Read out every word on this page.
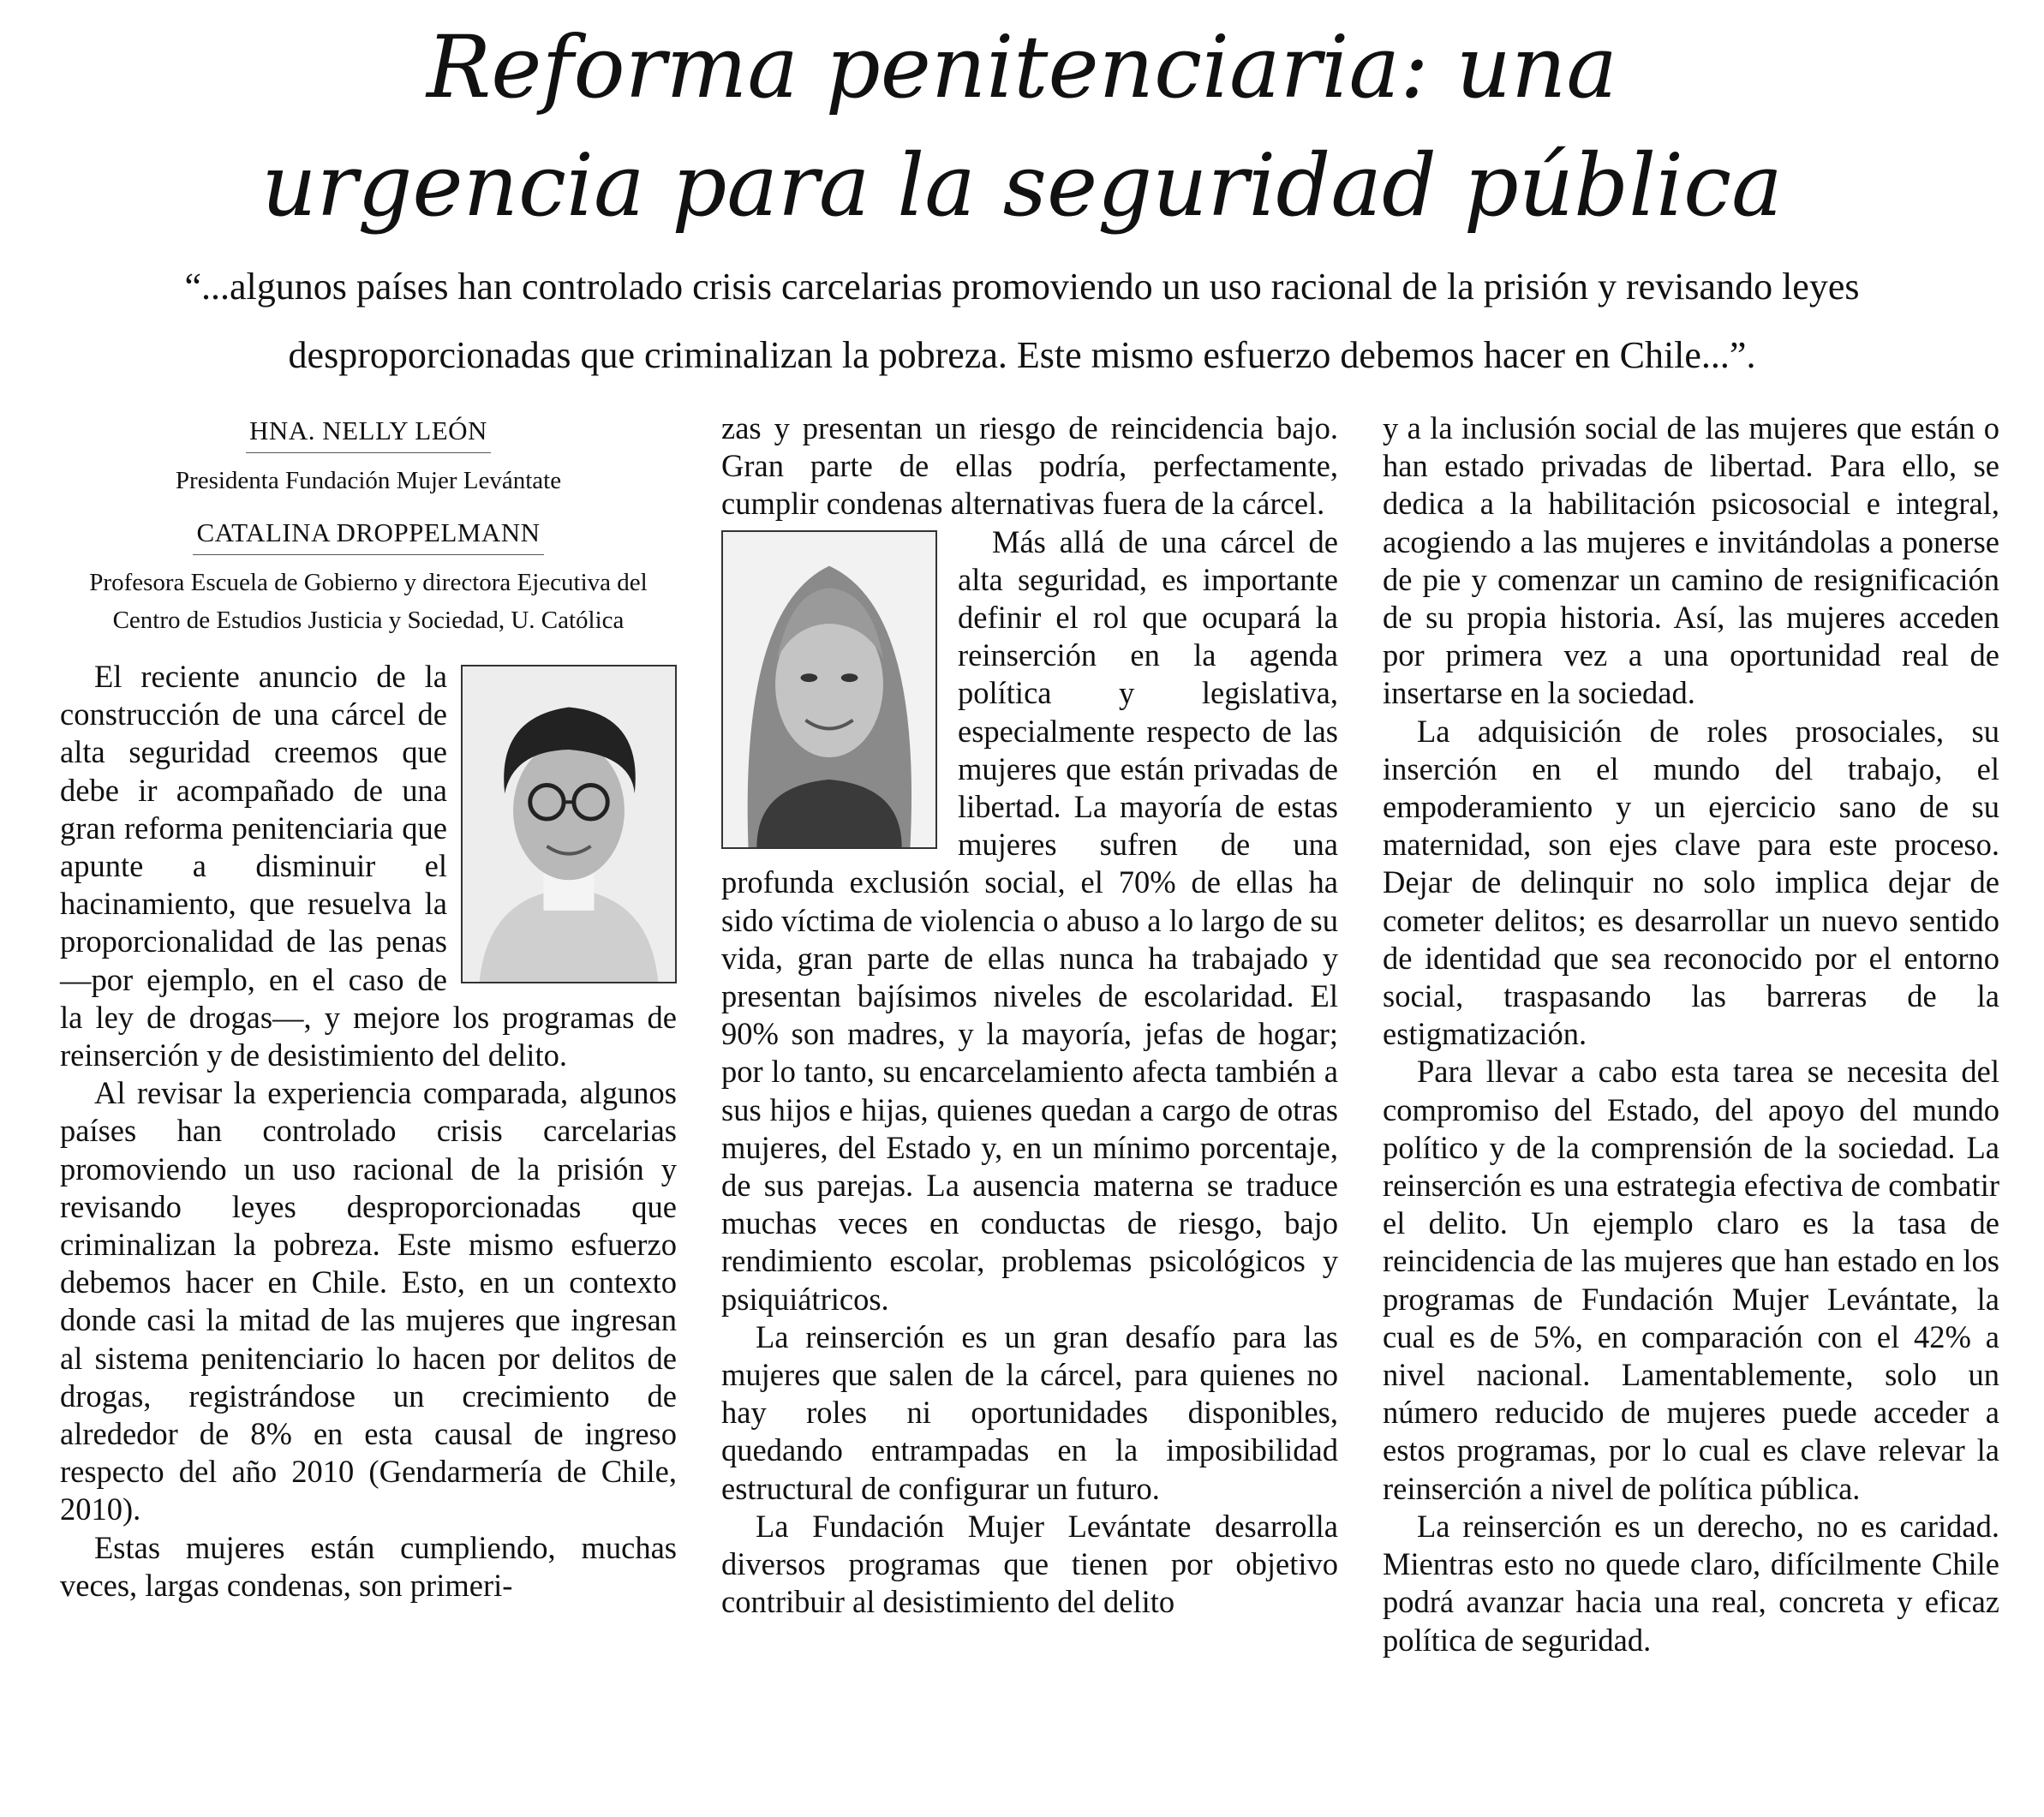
Reforma penitenciaria: una
urgencia para la seguridad pública
“...algunos países han controlado crisis carcelarias promoviendo un uso racional de la prisión y revisando leyes desproporcionadas que criminalizan la pobreza. Este mismo esfuerzo debemos hacer en Chile...”.
HNA. NELLY LEÓN
Presidenta Fundación Mujer Levántate
CATALINA DROPPELMANN
Profesora Escuela de Gobierno y directora Ejecutiva del Centro de Estudios Justicia y Sociedad, U. Católica

El reciente anuncio de la construcción de una cárcel de alta seguridad creemos que debe ir acompañado de una gran reforma penitenciaria que apunte a disminuir el hacinamiento, que resuelva la proporcionalidad de las penas —por ejemplo, en el caso de la ley de drogas—, y mejore los programas de reinserción y de desistimiento del delito.

Al revisar la experiencia comparada, algunos países han controlado crisis carcelarias promoviendo un uso racional de la prisión y revisando leyes desproporcionadas que criminalizan la pobreza. Este mismo esfuerzo debemos hacer en Chile. Esto, en un contexto donde casi la mitad de las mujeres que ingresan al sistema penitenciario lo hacen por delitos de drogas, registrándose un crecimiento de alrededor de 8% en esta causal de ingreso respecto del año 2010 (Gendarmería de Chile, 2010).

Estas mujeres están cumpliendo, muchas veces, largas condenas, son primeri-

zas y presentan un riesgo de reincidencia bajo. Gran parte de ellas podría, perfectamente, cumplir condenas alternativas fuera de la cárcel.

Más allá de una cárcel de alta seguridad, es importante definir el rol que ocupará la reinserción en la agenda política y legislativa, especialmente respecto de las mujeres que están privadas de libertad. La mayoría de estas mujeres sufren de una profunda exclusión social, el 70% de ellas ha sido víctima de violencia o abuso a lo largo de su vida, gran parte de ellas nunca ha trabajado y presentan bajísimos niveles de escolaridad. El 90% son madres, y la mayoría, jefas de hogar; por lo tanto, su encarcelamiento afecta también a sus hijos e hijas, quienes quedan a cargo de otras mujeres, del Estado y, en un mínimo porcentaje, de sus parejas. La ausencia materna se traduce muchas veces en conductas de riesgo, bajo rendimiento escolar, problemas psicológicos y psiquiátricos.

La reinserción es un gran desafío para las mujeres que salen de la cárcel, para quienes no hay roles ni oportunidades disponibles, quedando entrampadas en la imposibilidad estructural de configurar un futuro.

La Fundación Mujer Levántate desarrolla diversos programas que tienen por objetivo contribuir al desistimiento del delito

y a la inclusión social de las mujeres que están o han estado privadas de libertad. Para ello, se dedica a la habilitación psicosocial e integral, acogiendo a las mujeres e invitándolas a ponerse de pie y comenzar un camino de resignificación de su propia historia. Así, las mujeres acceden por primera vez a una oportunidad real de insertarse en la sociedad.

La adquisición de roles prosociales, su inserción en el mundo del trabajo, el empoderamiento y un ejercicio sano de su maternidad, son ejes clave para este proceso. Dejar de delinquir no solo implica dejar de cometer delitos; es desarrollar un nuevo sentido de identidad que sea reconocido por el entorno social, traspasando las barreras de la estigmatización.

Para llevar a cabo esta tarea se necesita del compromiso del Estado, del apoyo del mundo político y de la comprensión de la sociedad. La reinserción es una estrategia efectiva de combatir el delito. Un ejemplo claro es la tasa de reincidencia de las mujeres que han estado en los programas de Fundación Mujer Levántate, la cual es de 5%, en comparación con el 42% a nivel nacional. Lamentablemente, solo un número reducido de mujeres puede acceder a estos programas, por lo cual es clave relevar la reinserción a nivel de política pública.

La reinserción es un derecho, no es caridad. Mientras esto no quede claro, difícilmente Chile podrá avanzar hacia una real, concreta y eficaz política de seguridad.
